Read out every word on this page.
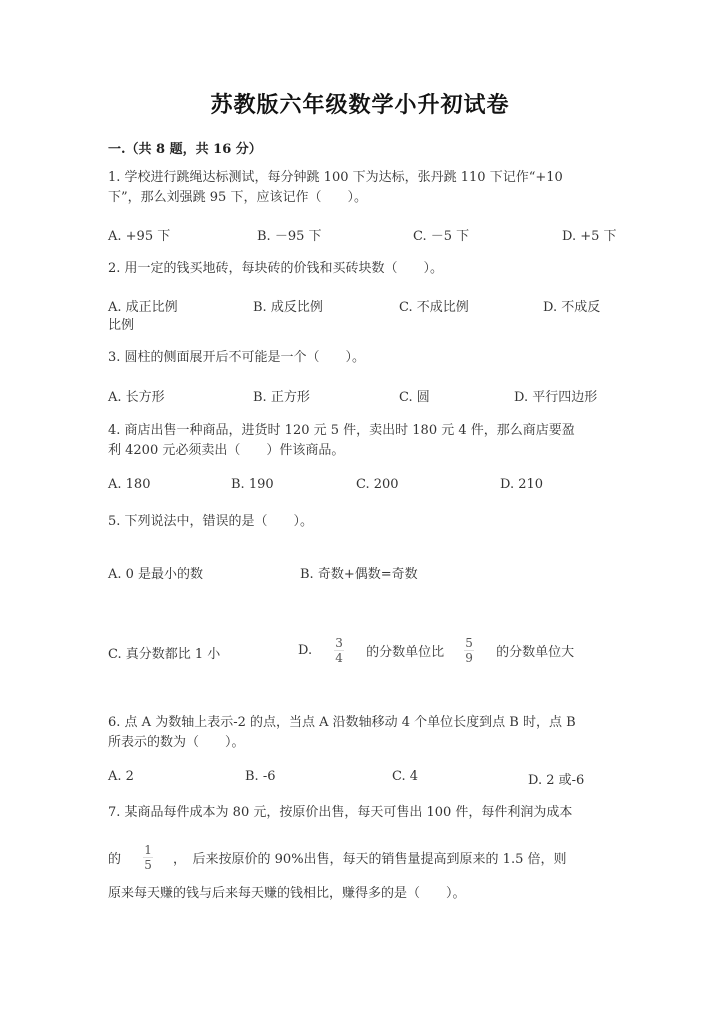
苏教版六年级数学小升初试卷
一.（共 8 题，共 16 分）
1. 学校进行跳绳达标测试，每分钟跳 100 下为达标，张丹跳 110 下记作“+10
下”，那么刘强跳 95 下，应该记作（　　）。
A. +95 下	B. －95 下	C. －5 下	D. +5 下
2. 用一定的钱买地砖，每块砖的价钱和买砖块数（　　）。
A. 成正比例	B. 成反比例	C. 不成比例	D. 不成反
比例
3. 圆柱的侧面展开后不可能是一个（　　）。
A. 长方形	B. 正方形	C. 圆	D. 平行四边形
4. 商店出售一种商品，进货时 120 元 5 件，卖出时 180 元 4 件，那么商店要盈
利 4200 元必须卖出（　　）件该商品。
A. 180	B. 190	C. 200	D. 210
5. 下列说法中，错误的是（　　）。
A. 0 是最小的数	B. 奇数+偶数=奇数
C. 真分数都比 1 小	D. $\frac{3}{4}$ 的分数单位比 $\frac{5}{9}$ 的分数单位大
6. 点 A 为数轴上表示-2 的点，当点 A 沿数轴移动 4 个单位长度到点 B 时，点 B
所表示的数为（　　）。
A. 2	B. -6	C. 4	D. 2 或-6
7. 某商品每件成本为 80 元，按原价出售，每天可售出 100 件，每件利润为成本
的 $\frac{1}{5}$ ，　后来按原价的 90%出售，每天的销售量提高到原来的 1.5 倍，则
原来每天赚的钱与后来每天赚的钱相比，赚得多的是（　　）。
